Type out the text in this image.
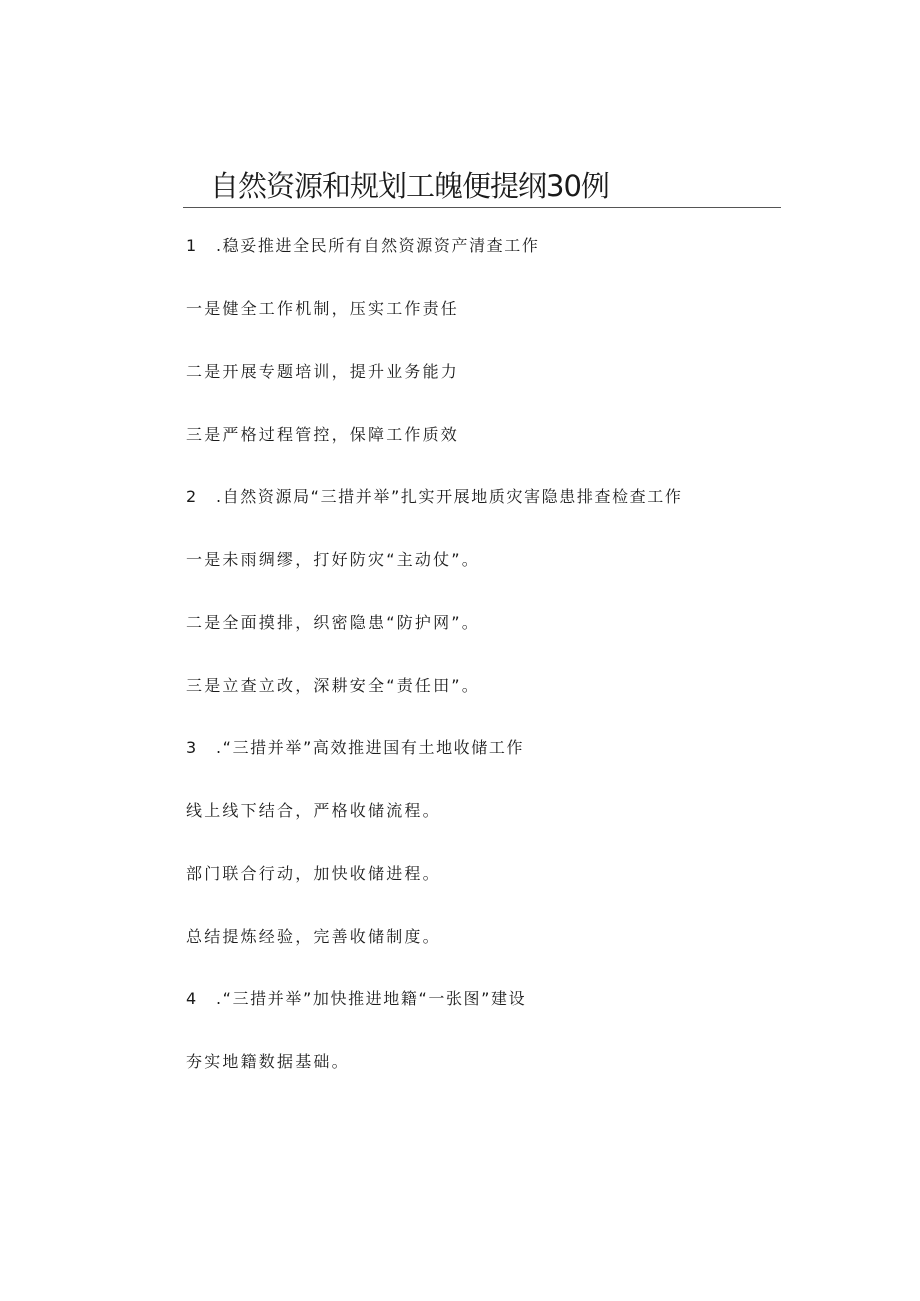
自然资源和规划工魄便提纲30例

1 .稳妥推进全民所有自然资源资产清查工作

一是健全工作机制，压实工作责任

二是开展专题培训，提升业务能力

三是严格过程管控，保障工作质效

2 .自然资源局“三措并举”扎实开展地质灾害隐患排查检查工作

一是未雨绸缪，打好防灾“主动仗”。

二是全面摸排，织密隐患“防护网”。

三是立查立改，深耕安全“责任田”。

3 .“三措并举”高效推进国有土地收储工作

线上线下结合，严格收储流程。

部门联合行动，加快收储进程。

总结提炼经验，完善收储制度。

4 .“三措并举”加快推进地籍“一张图”建设

夯实地籍数据基础。
